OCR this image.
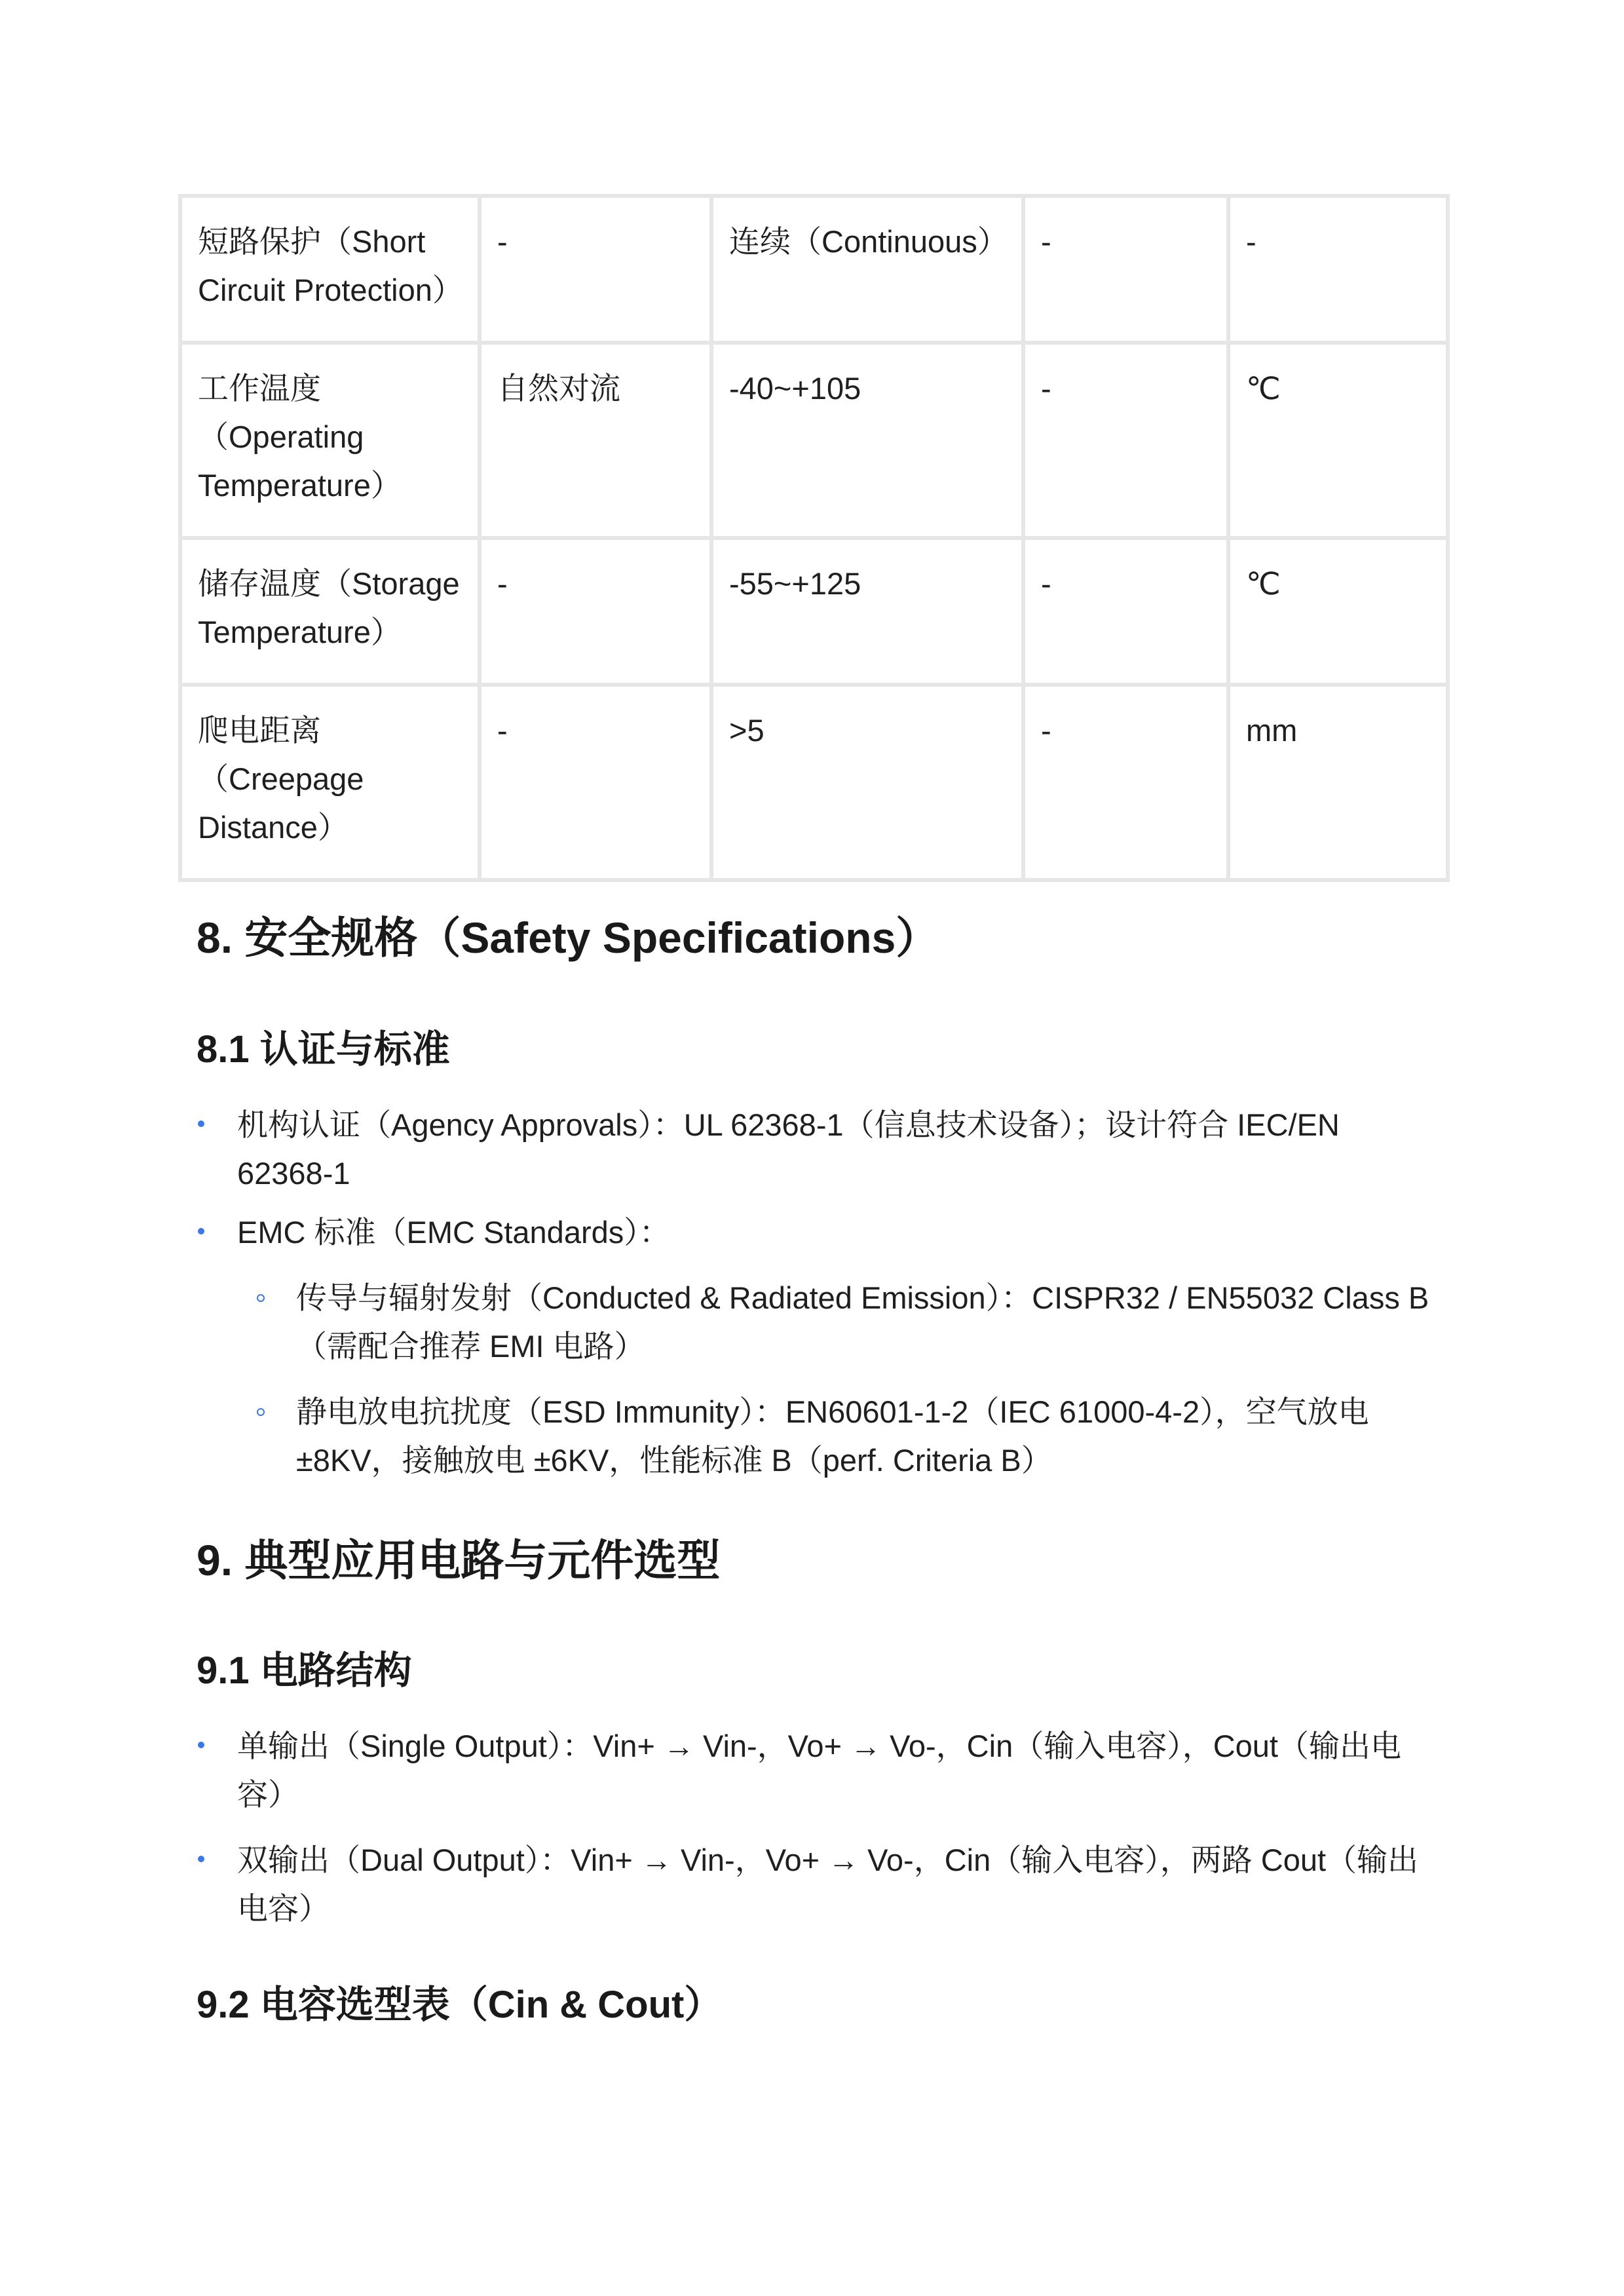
短路保护（Short Circuit Protection）	-	连续（Continuous）	-	-
工作温度（Operating Temperature）	自然对流	-40~+105	-	℃
储存温度（Storage Temperature）	-	-55~+125	-	℃
爬电距离（Creepage Distance）	-	>5	-	mm
8. 安全规格（Safety Specifications）
8.1 认证与标准
机构认证（Agency Approvals）：UL 62368-1（信息技术设备）；设计符合 IEC/EN 62368-1
EMC 标准（EMC Standards）：
传导与辐射发射（Conducted & Radiated Emission）：CISPR32 / EN55032 Class B（需配合推荐 EMI 电路）
静电放电抗扰度（ESD Immunity）：EN60601-1-2（IEC 61000-4-2），空气放电 ±8KV，接触放电 ±6KV，性能标准 B（perf. Criteria B）
9. 典型应用电路与元件选型
9.1 电路结构
单输出（Single Output）：Vin+ → Vin-，Vo+ → Vo-，Cin（输入电容），Cout（输出电容）
双输出（Dual Output）：Vin+ → Vin-，Vo+ → Vo-，Cin（输入电容），两路 Cout（输出电容）
9.2 电容选型表（Cin & Cout）
